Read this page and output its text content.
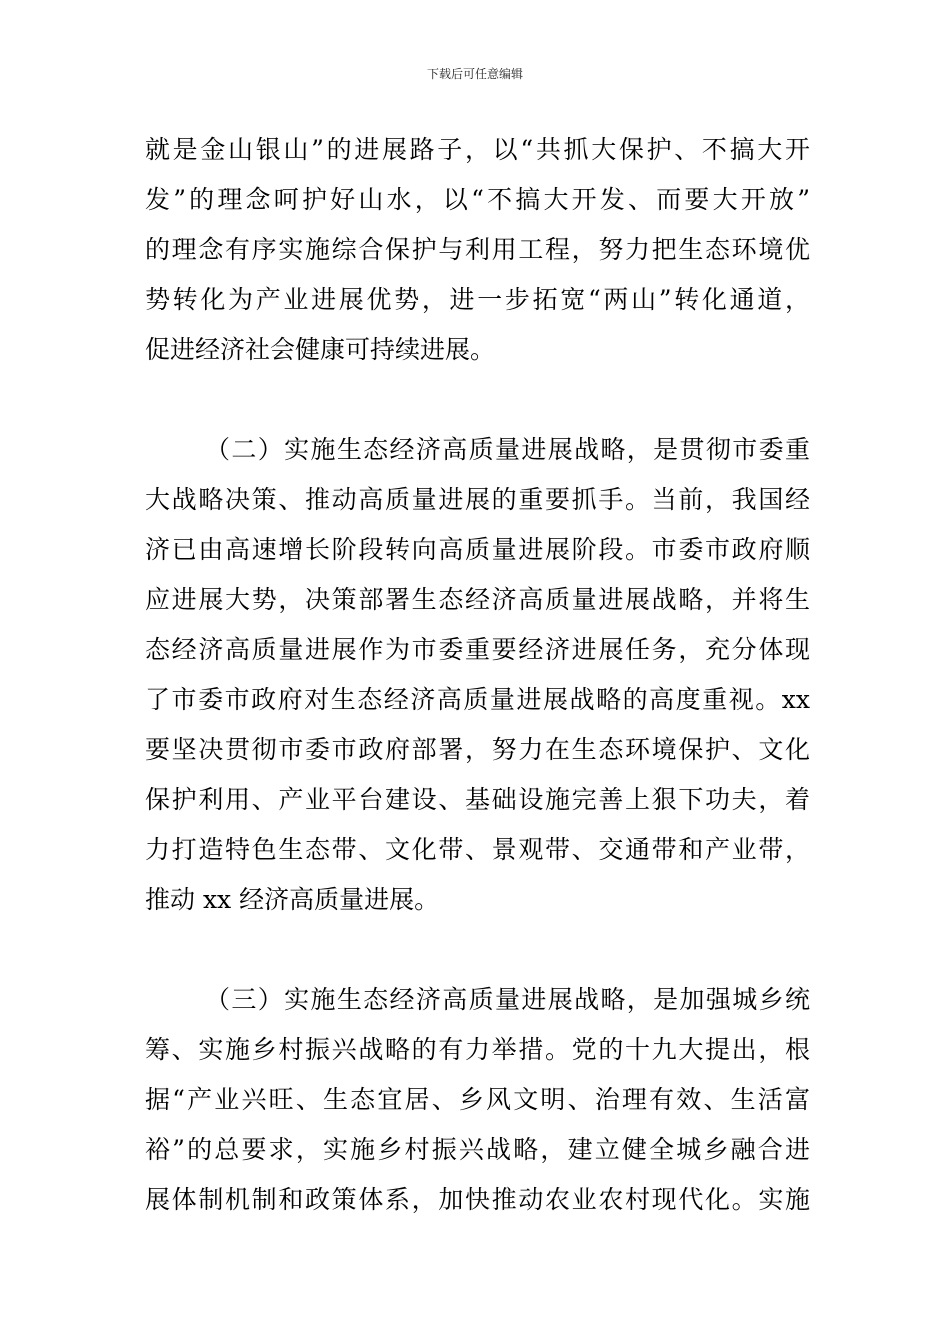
下载后可任意编辑
就是金山银山”的进展路子，以“共抓大保护、不搞大开
发”的理念呵护好山水，以“不搞大开发、而要大开放”
的理念有序实施综合保护与利用工程，努力把生态环境优
势转化为产业进展优势，进一步拓宽“两山”转化通道，
促进经济社会健康可持续进展。
（二）实施生态经济高质量进展战略，是贯彻市委重
大战略决策、推动高质量进展的重要抓手。当前，我国经
济已由高速增长阶段转向高质量进展阶段。市委市政府顺
应进展大势，决策部署生态经济高质量进展战略，并将生
态经济高质量进展作为市委重要经济进展任务，充分体现
了市委市政府对生态经济高质量进展战略的高度重视。xx
要坚决贯彻市委市政府部署，努力在生态环境保护、文化
保护利用、产业平台建设、基础设施完善上狠下功夫，着
力打造特色生态带、文化带、景观带、交通带和产业带，
推动 xx 经济高质量进展。
（三）实施生态经济高质量进展战略，是加强城乡统
筹、实施乡村振兴战略的有力举措。党的十九大提出，根
据“产业兴旺、生态宜居、乡风文明、治理有效、生活富
裕”的总要求，实施乡村振兴战略，建立健全城乡融合进
展体制机制和政策体系，加快推动农业农村现代化。实施
